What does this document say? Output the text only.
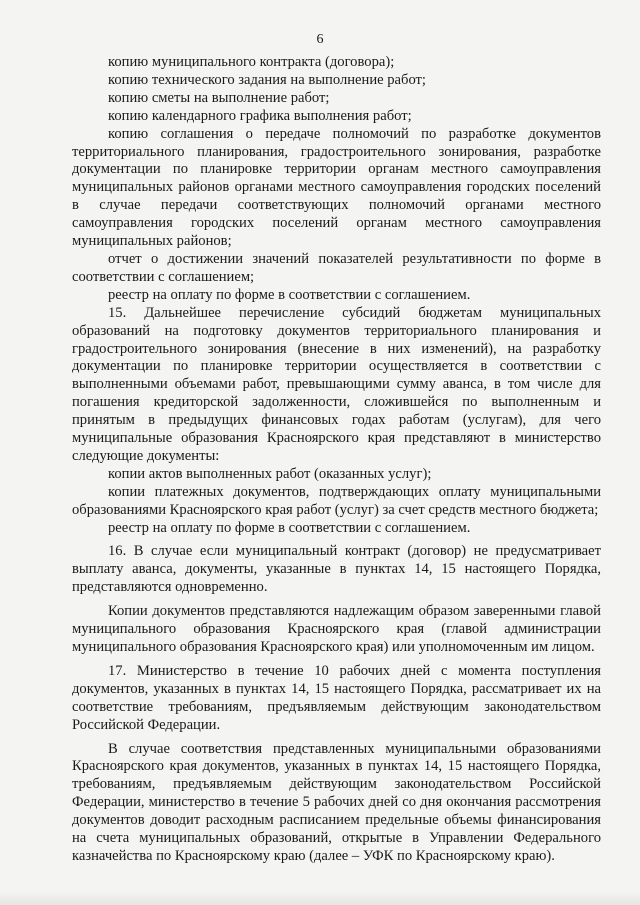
6

копию муниципального контракта (договора);

копию технического задания на выполнение работ;

копию сметы на выполнение работ;

копию календарного графика выполнения работ;

копию соглашения о передаче полномочий по разработке документов территориального планирования, градостроительного зонирования, разработке документации по планировке территории органам местного самоуправления муниципальных районов органами местного самоуправления городских поселений в случае передачи соответствующих полномочий органами местного самоуправления городских поселений органам местного самоуправления муниципальных районов;

отчет о достижении значений показателей результативности по форме в соответствии с соглашением;

реестр на оплату по форме в соответствии с соглашением.

15. Дальнейшее перечисление субсидий бюджетам муниципальных образований на подготовку документов территориального планирования и градостроительного зонирования (внесение в них изменений), на разработку документации по планировке территории осуществляется в соответствии с выполненными объемами работ, превышающими сумму аванса, в том числе для погашения кредиторской задолженности, сложившейся по выполненным и принятым в предыдущих финансовых годах работам (услугам), для чего муниципальные образования Красноярского края представляют в министерство следующие документы:

копии актов выполненных работ (оказанных услуг);

копии платежных документов, подтверждающих оплату муниципальными образованиями Красноярского края работ (услуг) за счет средств местного бюджета;

реестр на оплату по форме в соответствии с соглашением.

16. В случае если муниципальный контракт (договор) не предусматривает выплату аванса, документы, указанные в пунктах 14, 15 настоящего Порядка, представляются одновременно.

Копии документов представляются надлежащим образом заверенными главой муниципального образования Красноярского края (главой администрации муниципального образования Красноярского края) или уполномоченным им лицом.

17. Министерство в течение 10 рабочих дней с момента поступления документов, указанных в пунктах 14, 15 настоящего Порядка, рассматривает их на соответствие требованиям, предъявляемым действующим законодательством Российской Федерации.

В случае соответствия представленных муниципальными образованиями Красноярского края документов, указанных в пунктах 14, 15 настоящего Порядка, требованиям, предъявляемым действующим законодательством Российской Федерации, министерство в течение 5 рабочих дней со дня окончания рассмотрения документов доводит расходным расписанием предельные объемы финансирования на счета муниципальных образований, открытые в Управлении Федерального казначейства по Красноярскому краю (далее – УФК по Красноярскому краю).
